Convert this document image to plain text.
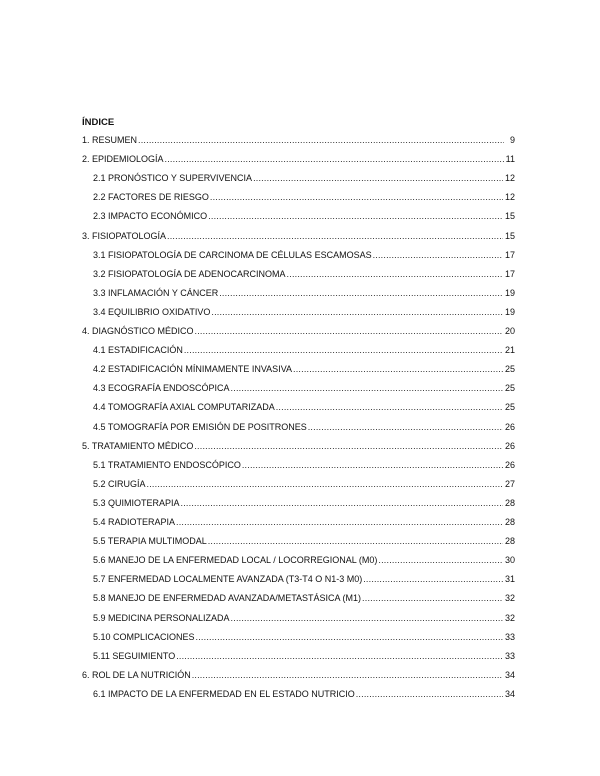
ÍNDICE
1. RESUMEN .....	9
2. EPIDEMIOLOGÍA .....	11
2.1 PRONÓSTICO Y SUPERVIVENCIA .....	12
2.2 FACTORES DE RIESGO .....	12
2.3 IMPACTO ECONÓMICO .....	15
3. FISIOPATOLOGÍA .....	15
3.1 FISIOPATOLOGÍA DE CARCINOMA DE CÉLULAS ESCAMOSAS .....	17
3.2 FISIOPATOLOGÍA DE ADENOCARCINOMA .....	17
3.3 INFLAMACIÓN Y CÁNCER .....	19
3.4 EQUILIBRIO OXIDATIVO .....	19
4. DIAGNÓSTICO MÉDICO .....	20
4.1 ESTADIFICACIÓN .....	21
4.2 ESTADIFICACIÓN MÍNIMAMENTE INVASIVA .....	25
4.3 ECOGRAFÍA ENDOSCÓPICA .....	25
4.4 TOMOGRAFÍA AXIAL COMPUTARIZADA .....	25
4.5 TOMOGRAFÍA POR EMISIÓN DE POSITRONES .....	26
5. TRATAMIENTO MÉDICO .....	26
5.1 TRATAMIENTO ENDOSCÓPICO .....	26
5.2 CIRUGÍA .....	27
5.3 QUIMIOTERAPIA .....	28
5.4 RADIOTERAPIA .....	28
5.5 TERAPIA MULTIMODAL .....	28
5.6 MANEJO DE LA ENFERMEDAD LOCAL / LOCORREGIONAL (M0) .....	30
5.7 ENFERMEDAD LOCALMENTE AVANZADA (T3-T4 O N1-3 M0) .....	31
5.8 MANEJO DE ENFERMEDAD AVANZADA/METASTÁSICA (M1) .....	32
5.9 MEDICINA PERSONALIZADA .....	32
5.10 COMPLICACIONES .....	33
5.11 SEGUIMIENTO .....	33
6. ROL DE LA NUTRICIÓN .....	34
6.1 IMPACTO DE LA ENFERMEDAD EN EL ESTADO NUTRICIO .....	34
